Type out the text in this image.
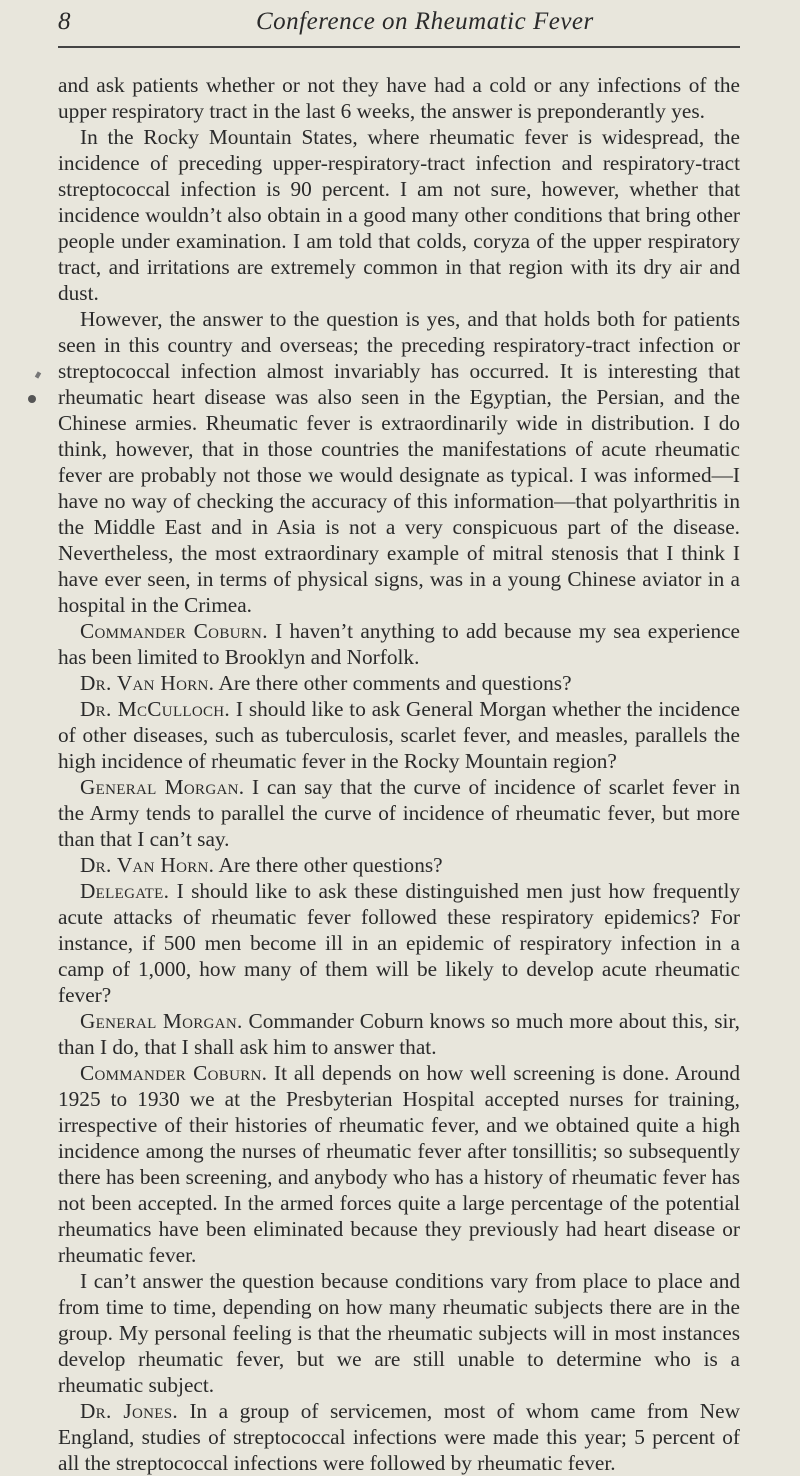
8	Conference on Rheumatic Fever

and ask patients whether or not they have had a cold or any infections of the upper respiratory tract in the last 6 weeks, the answer is preponderantly yes.

In the Rocky Mountain States, where rheumatic fever is widespread, the incidence of preceding upper-respiratory-tract infection and respiratory-tract streptococcal infection is 90 percent. I am not sure, however, whether that incidence wouldn’t also obtain in a good many other conditions that bring other people under examination. I am told that colds, coryza of the upper respiratory tract, and irritations are extremely common in that region with its dry air and dust.

However, the answer to the question is yes, and that holds both for patients seen in this country and overseas; the preceding respiratory-tract infection or streptococcal infection almost invariably has occurred. It is interesting that rheumatic heart disease was also seen in the Egyptian, the Persian, and the Chinese armies. Rheumatic fever is extraordinarily wide in distribution. I do think, however, that in those countries the manifestations of acute rheumatic fever are probably not those we would designate as typical. I was informed—I have no way of checking the accuracy of this information—that polyarthritis in the Middle East and in Asia is not a very conspicuous part of the disease. Nevertheless, the most extraordinary example of mitral stenosis that I think I have ever seen, in terms of physical signs, was in a young Chinese aviator in a hospital in the Crimea.

Commander Coburn. I haven’t anything to add because my sea experience has been limited to Brooklyn and Norfolk.

Dr. Van Horn. Are there other comments and questions?

Dr. McCulloch. I should like to ask General Morgan whether the incidence of other diseases, such as tuberculosis, scarlet fever, and measles, parallels the high incidence of rheumatic fever in the Rocky Mountain region?

General Morgan. I can say that the curve of incidence of scarlet fever in the Army tends to parallel the curve of incidence of rheumatic fever, but more than that I can’t say.

Dr. Van Horn. Are there other questions?

Delegate. I should like to ask these distinguished men just how frequently acute attacks of rheumatic fever followed these respiratory epidemics? For instance, if 500 men become ill in an epidemic of respiratory infection in a camp of 1,000, how many of them will be likely to develop acute rheumatic fever?

General Morgan. Commander Coburn knows so much more about this, sir, than I do, that I shall ask him to answer that.

Commander Coburn. It all depends on how well screening is done. Around 1925 to 1930 we at the Presbyterian Hospital accepted nurses for training, irrespective of their histories of rheumatic fever, and we obtained quite a high incidence among the nurses of rheumatic fever after tonsillitis; so subsequently there has been screening, and anybody who has a history of rheumatic fever has not been accepted. In the armed forces quite a large percentage of the potential rheumatics have been eliminated because they previously had heart disease or rheumatic fever.

I can’t answer the question because conditions vary from place to place and from time to time, depending on how many rheumatic subjects there are in the group. My personal feeling is that the rheumatic subjects will in most instances develop rheumatic fever, but we are still unable to determine who is a rheumatic subject.

Dr. Jones. In a group of servicemen, most of whom came from New England, studies of streptococcal infections were made this year; 5 percent of all the streptococcal infections were followed by rheumatic fever.
